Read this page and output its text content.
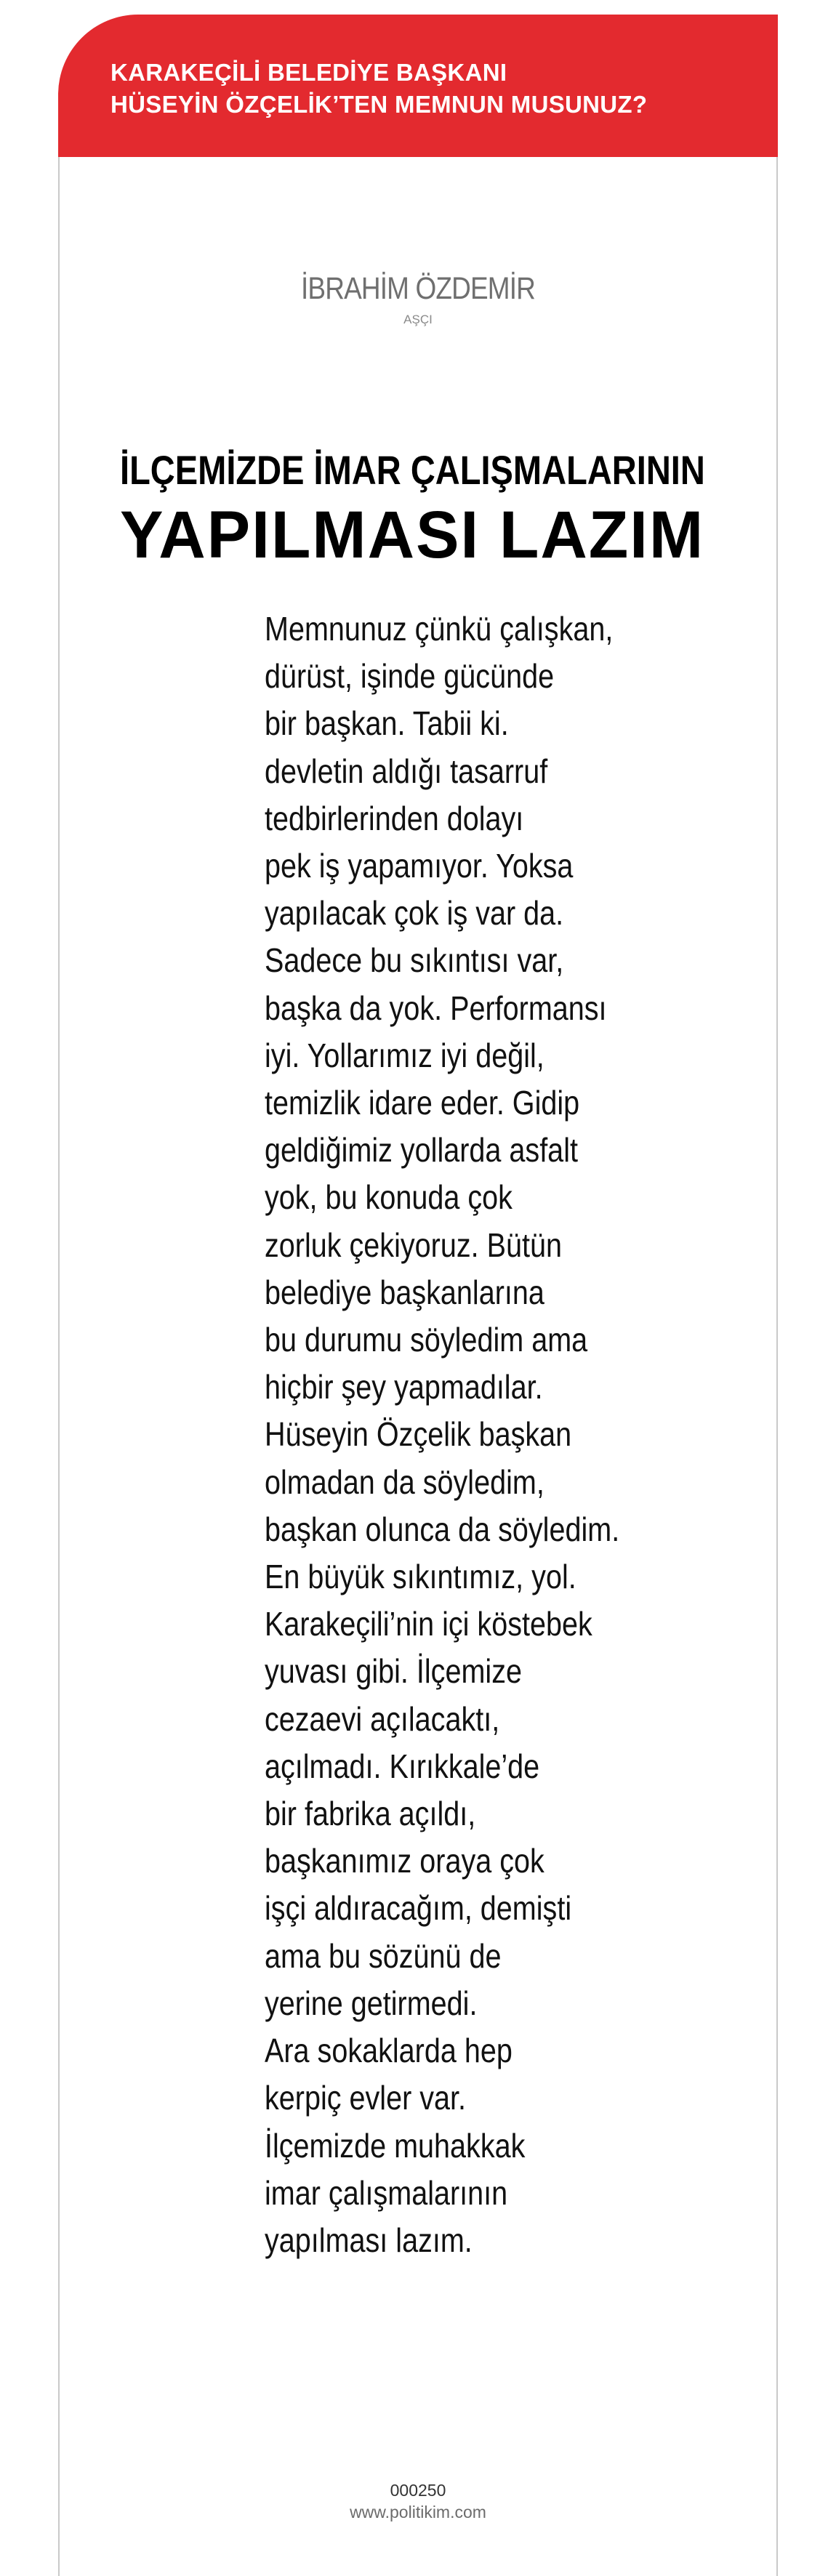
KARAKEÇİLİ BELEDİYE BAŞKANI
HÜSEYİN ÖZÇELİK’TEN MEMNUN MUSUNUZ?
İBRAHİM ÖZDEMİR
AŞÇI
İLÇEMİZDE İMAR ÇALIŞMALARININ
YAPILMASI LAZIM
Memnunuz çünkü çalışkan,
dürüst, işinde gücünde
bir başkan. Tabii ki.
devletin aldığı tasarruf
tedbirlerinden dolayı
pek iş yapamıyor. Yoksa
yapılacak çok iş var da.
Sadece bu sıkıntısı var,
başka da yok. Performansı
iyi. Yollarımız iyi değil,
temizlik idare eder. Gidip
geldiğimiz yollarda asfalt
yok, bu konuda çok
zorluk çekiyoruz. Bütün
belediye başkanlarına
bu durumu söyledim ama
hiçbir şey yapmadılar.
Hüseyin Özçelik başkan
olmadan da söyledim,
başkan olunca da söyledim.
En büyük sıkıntımız, yol.
Karakeçili’nin içi köstebek
yuvası gibi. İlçemize
cezaevi açılacaktı,
açılmadı. Kırıkkale’de
bir fabrika açıldı,
başkanımız oraya çok
işçi aldıracağım, demişti
ama bu sözünü de
yerine getirmedi.
Ara sokaklarda hep
kerpiç evler var.
İlçemizde muhakkak
imar çalışmalarının
yapılması lazım.
000250
www.politikim.com
